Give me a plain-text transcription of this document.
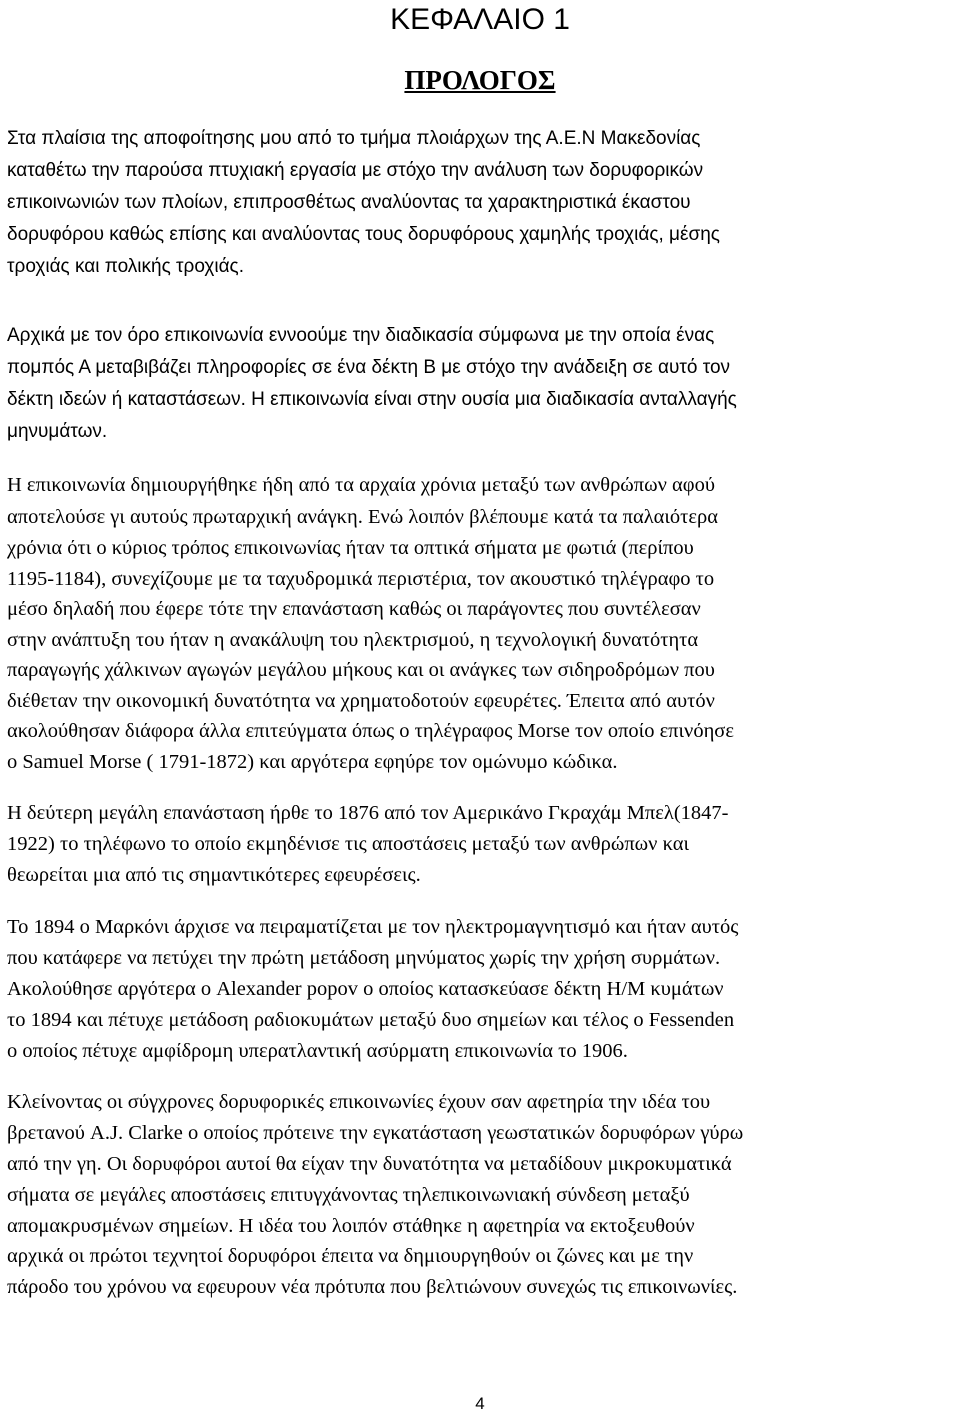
ΚΕΦΑΛΑΙΟ 1
ΠΡΟΛΟΓΟΣ

Στα πλαίσια της αποφοίτησης μου από το τμήμα πλοιάρχων της Α.Ε.Ν Μακεδονίας

καταθέτω την παρούσα πτυχιακή εργασία με στόχο την ανάλυση των δορυφορικών

επικοινωνιών των πλοίων, επιπροσθέτως αναλύοντας τα χαρακτηριστικά έκαστου

δορυφόρου καθώς επίσης και αναλύοντας τους δορυφόρους χαμηλής τροχιάς, μέσης

τροχιάς και πολικής τροχιάς.

Αρχικά με τον όρο επικοινωνία εννοούμε την διαδικασία σύμφωνα με την οποία ένας

πομπός Α μεταβιβάζει πληροφορίες σε ένα δέκτη Β με στόχο την ανάδειξη σε αυτό τον

δέκτη ιδεών ή καταστάσεων. Η επικοινωνία είναι στην ουσία μια διαδικασία ανταλλαγής

μηνυμάτων.

Η επικοινωνία δημιουργήθηκε ήδη από τα αρχαία χρόνια μεταξύ των ανθρώπων αφού

αποτελούσε γι αυτούς πρωταρχική ανάγκη. Ενώ λοιπόν βλέπουμε κατά τα παλαιότερα

χρόνια ότι ο κύριος τρόπος επικοινωνίας ήταν τα οπτικά σήματα με φωτιά (περίπου

1195-1184), συνεχίζουμε με τα ταχυδρομικά περιστέρια, τον ακουστικό τηλέγραφο το

μέσο δηλαδή που έφερε τότε την επανάσταση καθώς οι παράγοντες που συντέλεσαν

στην ανάπτυξη του ήταν η ανακάλυψη του ηλεκτρισμού, η τεχνολογική δυνατότητα

παραγωγής χάλκινων αγωγών μεγάλου μήκους και οι ανάγκες των σιδηροδρόμων που

διέθεταν την οικονομική δυνατότητα να χρηματοδοτούν εφευρέτες. Έπειτα από αυτόν

ακολούθησαν διάφορα άλλα επιτεύγματα όπως ο τηλέγραφος Morse τον οποίο επινόησε

ο Samuel Morse ( 1791-1872) και αργότερα εφηύρε τον ομώνυμο κώδικα.

Η δεύτερη μεγάλη επανάσταση ήρθε το 1876 από τον Αμερικάνο Γκραχάμ Μπελ(1847-

1922) το τηλέφωνο το οποίο εκμηδένισε τις αποστάσεις μεταξύ των ανθρώπων και

θεωρείται μια από τις σημαντικότερες εφευρέσεις.

Το 1894 ο Μαρκόνι άρχισε να πειραματίζεται με τον ηλεκτρομαγνητισμό και ήταν αυτός

που κατάφερε να πετύχει την πρώτη μετάδοση μηνύματος χωρίς την χρήση συρμάτων.

Ακολούθησε αργότερα ο Alexander popov ο οποίος κατασκεύασε δέκτη Η/Μ κυμάτων

το 1894 και πέτυχε μετάδοση ραδιοκυμάτων μεταξύ δυο σημείων και τέλος ο Fessenden

ο οποίος πέτυχε αμφίδρομη υπερατλαντική ασύρματη επικοινωνία το 1906.

Κλείνοντας οι σύγχρονες δορυφορικές επικοινωνίες έχουν σαν αφετηρία την ιδέα του

βρετανού A.J. Clarke ο οποίος πρότεινε την εγκατάσταση γεωστατικών δορυφόρων γύρω

από την γη. Οι δορυφόροι αυτοί θα είχαν την δυνατότητα να μεταδίδουν μικροκυματικά

σήματα σε μεγάλες αποστάσεις επιτυγχάνοντας τηλεπικοινωνιακή σύνδεση μεταξύ

απομακρυσμένων σημείων. Η ιδέα του λοιπόν στάθηκε η αφετηρία να εκτοξευθούν

αρχικά οι πρώτοι τεχνητοί δορυφόροι έπειτα να δημιουργηθούν οι ζώνες και με την

πάροδο του χρόνου να εφευρουν νέα πρότυπα που βελτιώνουν συνεχώς τις επικοινωνίες.

4
